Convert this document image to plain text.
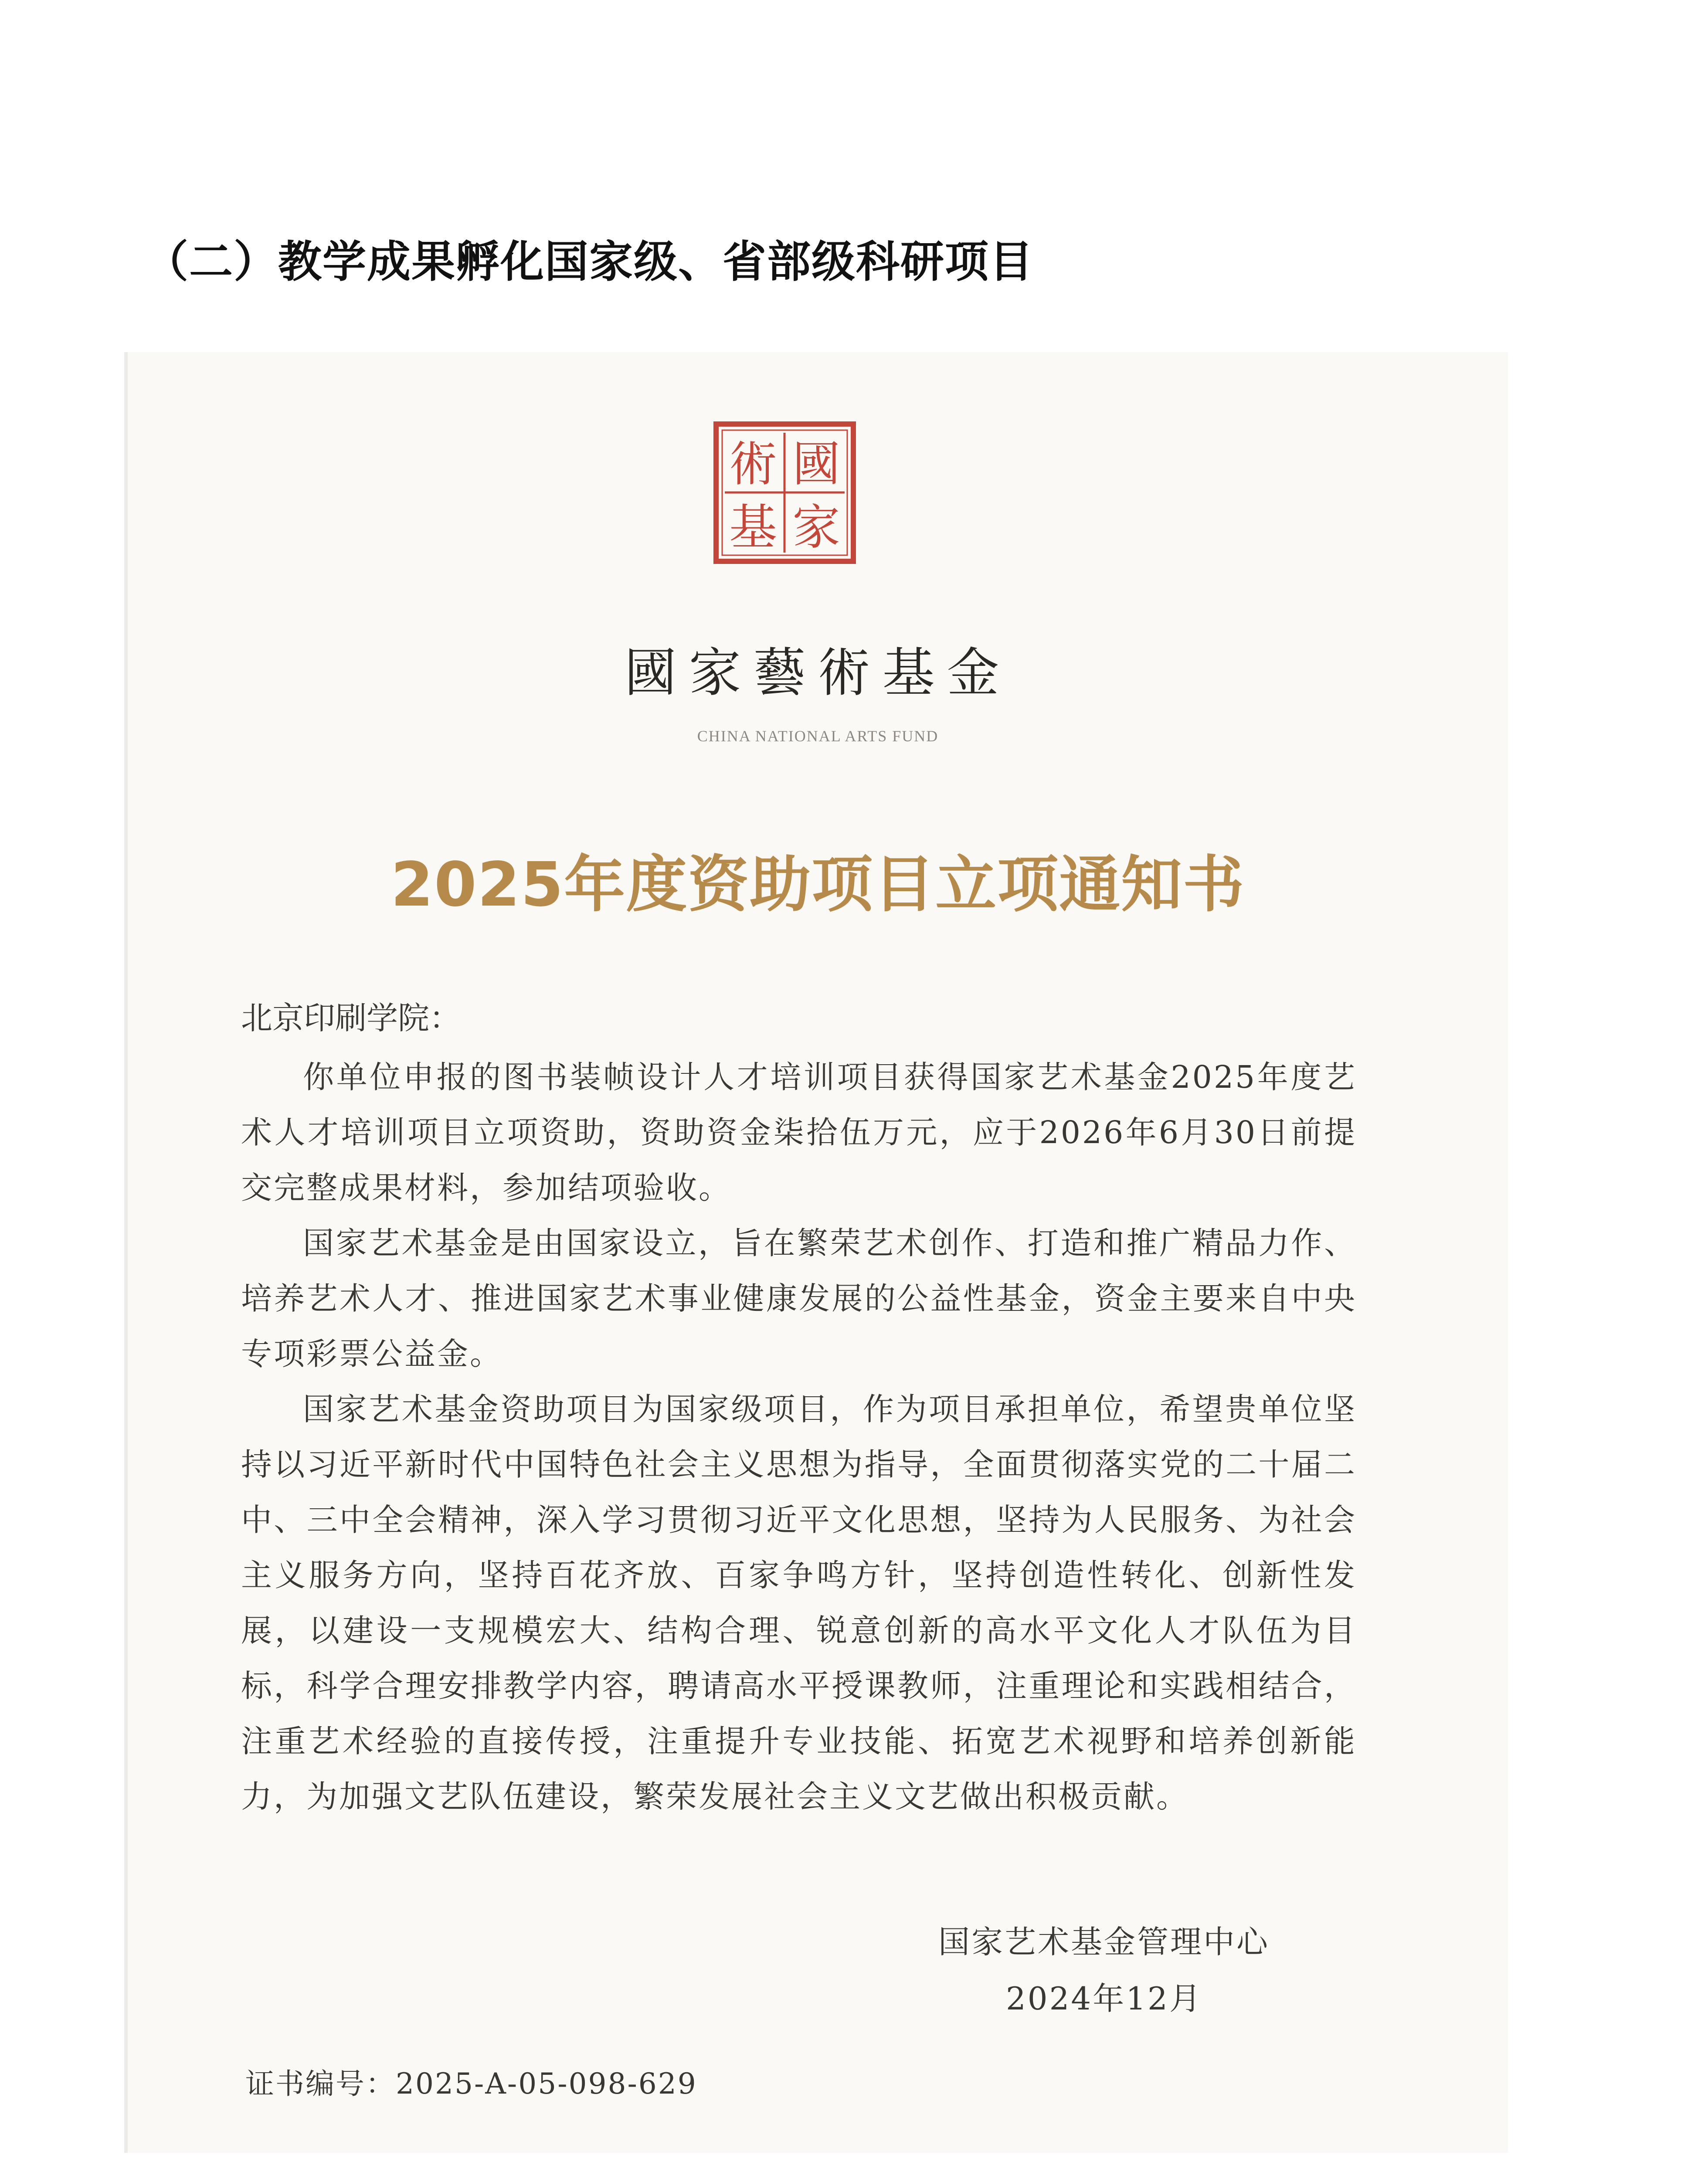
（二）教学成果孵化国家级、省部级科研项目
術 國
基 家
國家藝術基金
CHINA NATIONAL ARTS FUND
2025年度资助项目立项通知书
北京印刷学院：

你单位申报的图书装帧设计人才培训项目获得国家艺术基金2025年度艺术人才培训项目立项资助，资助资金柒拾伍万元，应于2026年6月30日前提交完整成果材料，参加结项验收。

国家艺术基金是由国家设立，旨在繁荣艺术创作、打造和推广精品力作、培养艺术人才、推进国家艺术事业健康发展的公益性基金，资金主要来自中央专项彩票公益金。

国家艺术基金资助项目为国家级项目，作为项目承担单位，希望贵单位坚持以习近平新时代中国特色社会主义思想为指导，全面贯彻落实党的二十届二中、三中全会精神，深入学习贯彻习近平文化思想，坚持为人民服务、为社会主义服务方向，坚持百花齐放、百家争鸣方针，坚持创造性转化、创新性发展，以建设一支规模宏大、结构合理、锐意创新的高水平文化人才队伍为目标，科学合理安排教学内容，聘请高水平授课教师，注重理论和实践相结合，注重艺术经验的直接传授，注重提升专业技能、拓宽艺术视野和培养创新能力，为加强文艺队伍建设，繁荣发展社会主义文艺做出积极贡献。

国家艺术基金管理中心
2024年12月
证书编号：2025-A-05-098-629
